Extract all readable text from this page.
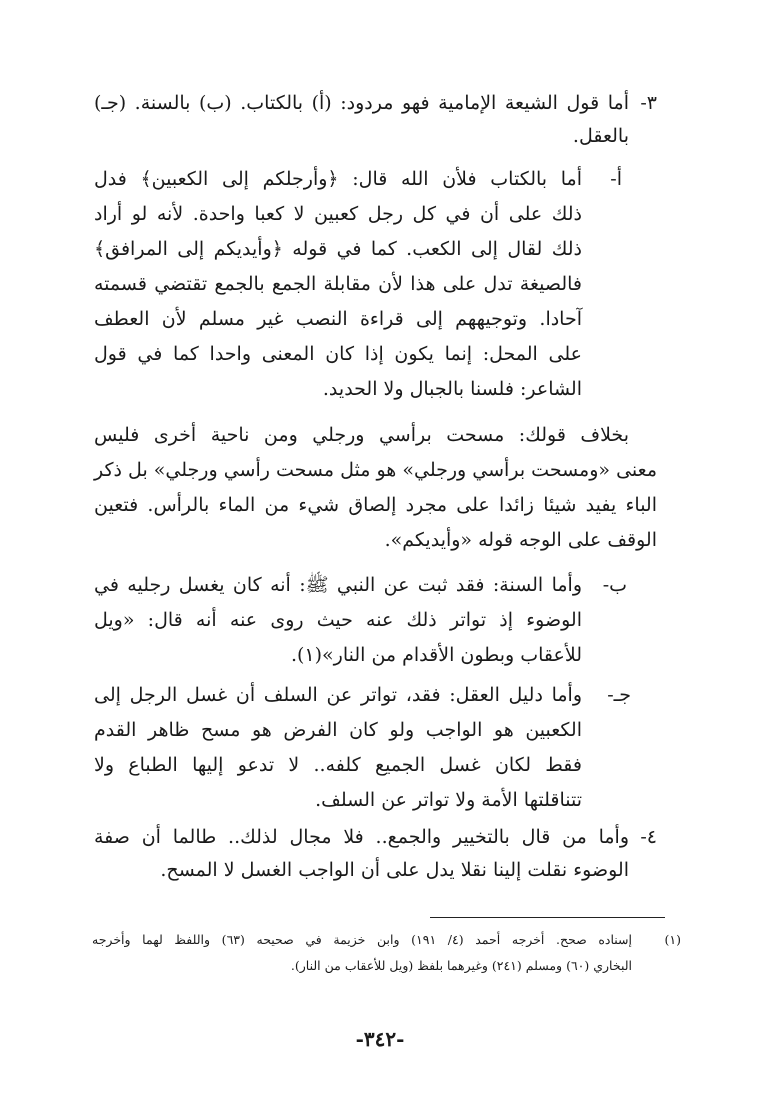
٣-
أما قول الشيعة الإمامية فهو مردود: (أ) بالكتاب. (ب) بالسنة. (جـ)
بالعقل.
أ-
أما بالكتاب فلأن الله قال: ﴿وأرجلكم إلى الكعبين﴾ فدل
ذلك على أن في كل رجل كعبين لا كعبا واحدة. لأنه لو أراد
ذلك لقال إلى الكعب. كما في قوله ﴿وأيديكم إلى المرافق﴾
فالصيغة تدل على هذا لأن مقابلة الجمع بالجمع تقتضي قسمته
آحادا. وتوجيههم إلى قراءة النصب غير مسلم لأن العطف
على المحل: إنما يكون إذا كان المعنى واحدا كما في قول
الشاعر: فلسنا بالجبال ولا الحديد.
بخلاف قولك: مسحت برأسي ورجلي ومن ناحية أخرى فليس
معنى «ومسحت برأسي ورجلي» هو مثل مسحت رأسي ورجلي» بل ذكر
الباء يفيد شيئا زائدا على مجرد إلصاق شيء من الماء بالرأس. فتعين
الوقف على الوجه قوله «وأيديكم».
ب-
وأما السنة: فقد ثبت عن النبي ﷺ: أنه كان يغسل رجليه في
الوضوء إذ تواتر ذلك عنه حيث روى عنه أنه قال: «ويل
للأعقاب وبطون الأقدام من النار»(١).
جـ-
وأما دليل العقل: فقد، تواتر عن السلف أن غسل الرجل إلى
الكعبين هو الواجب ولو كان الفرض هو مسح ظاهر القدم
فقط لكان غسل الجميع كلفه.. لا تدعو إليها الطباع ولا
تتناقلتها الأمة ولا تواتر عن السلف.
٤-
وأما من قال بالتخيير والجمع.. فلا مجال لذلك.. طالما أن صفة
الوضوء نقلت إلينا نقلا يدل على أن الواجب الغسل لا المسح.
(١)
إسناده صحح. أخرجه أحمد (٤/ ١٩١) وابن خزيمة في صحيحه (٦٣) واللفظ لهما وأخرجه
البخاري (٦٠) ومسلم (٢٤١) وغيرهما بلفظ (ويل للأعقاب من النار).
-٣٤٢-
